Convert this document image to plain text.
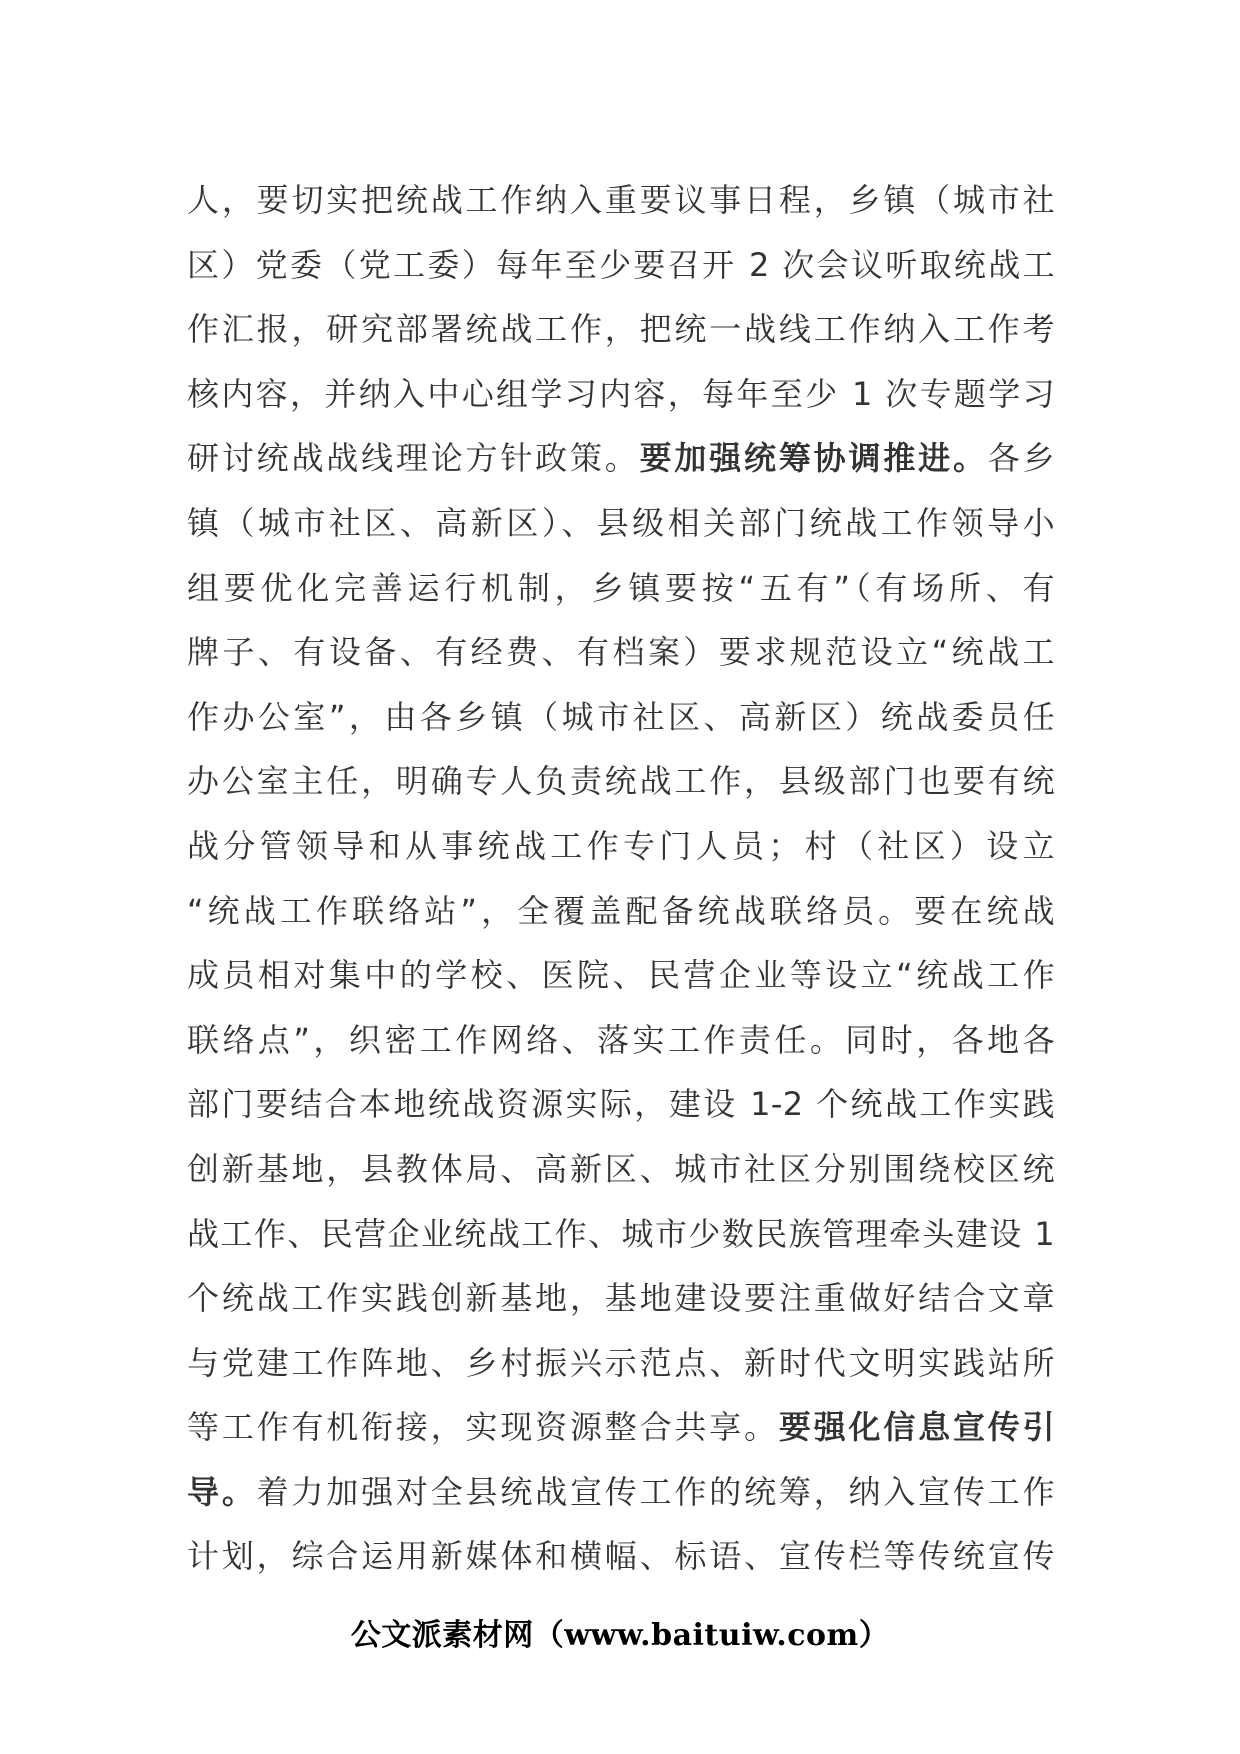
人，要切实把统战工作纳入重要议事日程，乡镇（城市社
区）党委（党工委）每年至少要召开 2 次会议听取统战工
作汇报，研究部署统战工作，把统一战线工作纳入工作考
核内容，并纳入中心组学习内容，每年至少 1 次专题学习
研讨统战战线理论方针政策。要加强统筹协调推进。各乡
镇（城市社区、高新区）、县级相关部门统战工作领导小
组要优化完善运行机制，乡镇要按“五有”（有场所、有
牌子、有设备、有经费、有档案）要求规范设立“统战工
作办公室”，由各乡镇（城市社区、高新区）统战委员任
办公室主任，明确专人负责统战工作，县级部门也要有统
战分管领导和从事统战工作专门人员；村（社区）设立
“统战工作联络站”，全覆盖配备统战联络员。要在统战
成员相对集中的学校、医院、民营企业等设立“统战工作
联络点”，织密工作网络、落实工作责任。同时，各地各
部门要结合本地统战资源实际，建设 1-2 个统战工作实践
创新基地，县教体局、高新区、城市社区分别围绕校区统
战工作、民营企业统战工作、城市少数民族管理牵头建设 1
个统战工作实践创新基地，基地建设要注重做好结合文章
与党建工作阵地、乡村振兴示范点、新时代文明实践站所
等工作有机衔接，实现资源整合共享。要强化信息宣传引
导。着力加强对全县统战宣传工作的统筹，纳入宣传工作
计划，综合运用新媒体和横幅、标语、宣传栏等传统宣传
公文派素材网（www.baituiw.com）
